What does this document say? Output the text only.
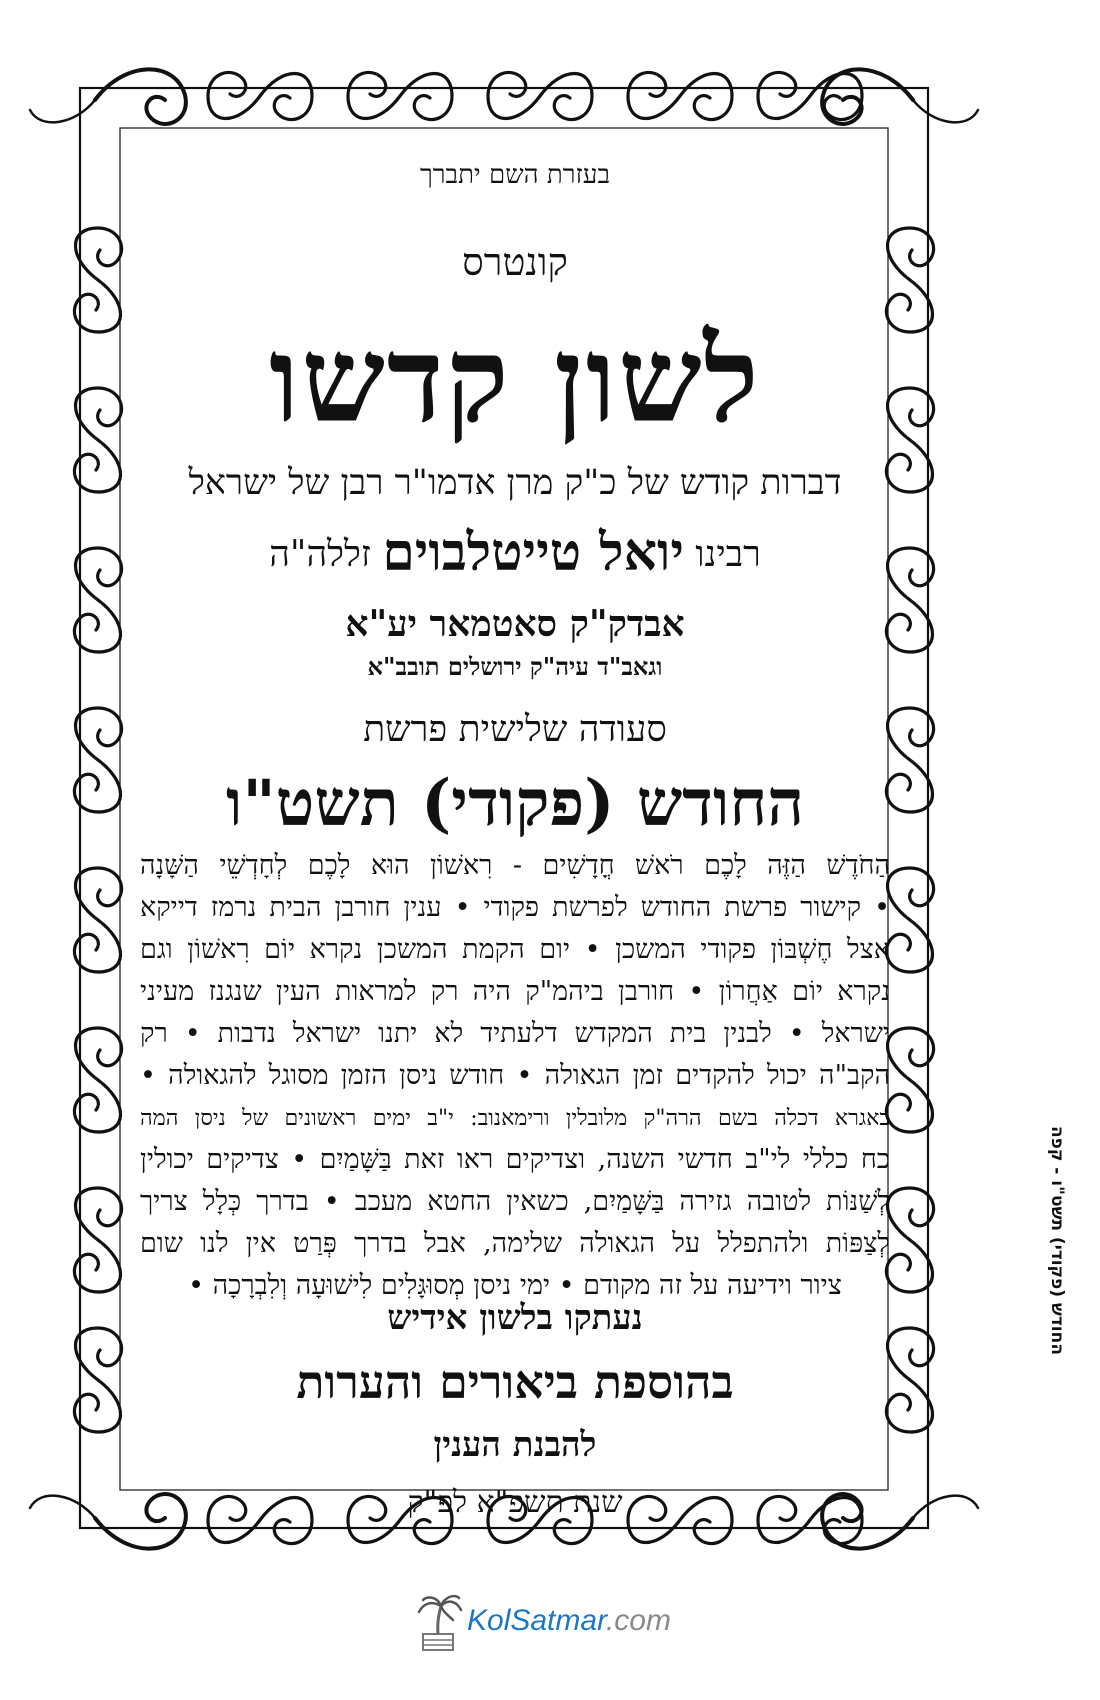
בעזרת השם יתברך
קונטרס
לשון קדשו
דברות קודש של כ"ק מרן אדמו"ר רבן של ישראל
רבינו יואל טייטלבוים זללה"ה
אבדק"ק סאטמאר יע"א
וגאב"ד עיה"ק ירושלים תובב"א
סעודה שלישית פרשת
החודש (פקודי) תשט"ו
הַחֹדֶשׁ הַזֶּה לָכֶם רֹאשׁ חֳדָשִׁים - רִאשׁוֹן הוּא לָכֶם לְחָדְשֵׁי הַשָּׁנָה
• קישור פרשת החודש לפרשת פקודי • ענין חורבן הבית נרמז דייקא
אצל חֶשְׁבּוֹן פקודי המשכן • יום הקמת המשכן נקרא יוֹם רִאשׁוֹן וגם
נקרא יוֹם אַחֲרוֹן • חורבן ביהמ"ק היה רק למראות העין שנגנז מעיני
ישראל • לבנין בית המקדש דלעתיד לא יתנו ישראל נדבות • רק
הקב"ה יכול להקדים זמן הגאולה • חודש ניסן הזמן מסוגל להגאולה •
באגרא דכלה בשם הרה"ק מלובלין ורימאנוב: י"ב ימים ראשונים של ניסן המה
כח כללי לי"ב חדשי השנה, וצדיקים ראו זאת בַּשָּׁמַיִם • צדיקים יכולין
לְשַׁנּוֹת לטובה גזירה בַּשָּׁמַיִם, כשאין החטא מעכב • בדרך כְּלָל צריך
לְצַפּוֹת ולהתפלל על הגאולה שלימה, אבל בדרך פְּרַט אין לנו שום
ציור וידיעה על זה מקודם • ימי ניסן מְסוּגָּלִים לִישׁוּעָה וְלִבְרָכָה •
נעתקו בלשון אידיש
בהוספת ביאורים והערות
להבנת הענין
שנת תשפ"א לפ"ק
החודש (פקודי) תשט"ו - קפה
KolSatmar.com
